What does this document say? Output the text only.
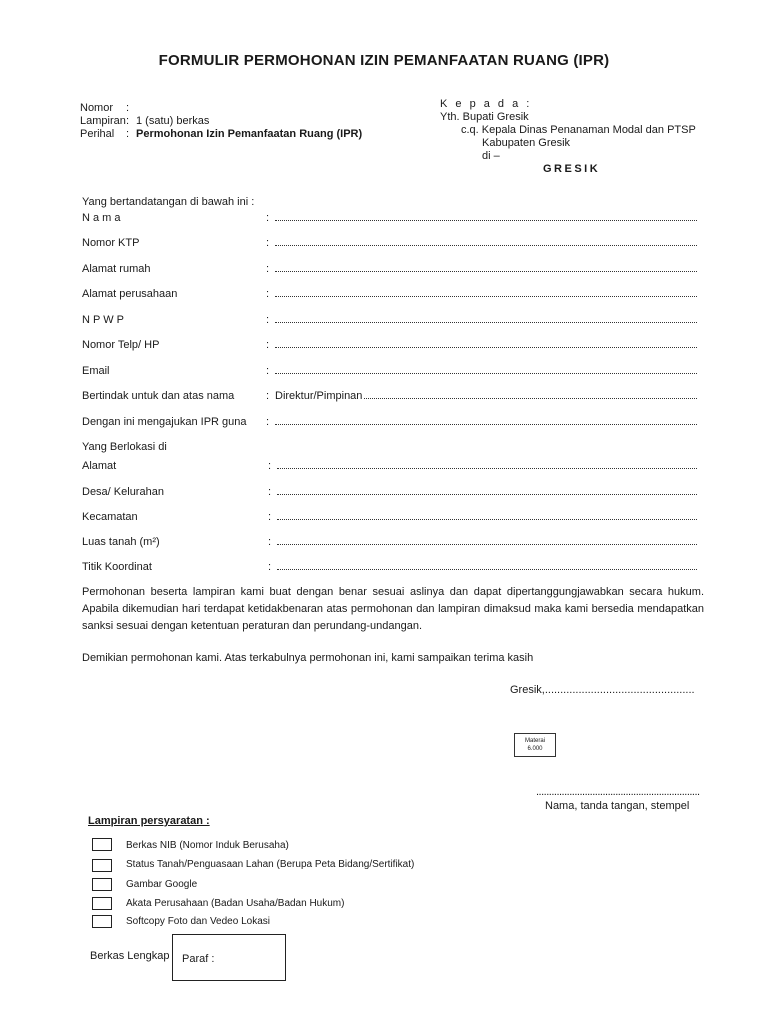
FORMULIR PERMOHONAN IZIN PEMANFAATAN RUANG (IPR)
Nomor :
Lampiran: 1 (satu) berkas
Perihal : Permohonan Izin Pemanfaatan Ruang (IPR)
K e p a d a :
Yth. Bupati Gresik
c.q. Kepala Dinas Penanaman Modal dan PTSP
Kabupaten Gresik
di –
GRESIK
Yang bertandatangan di bawah ini :
N a m a	:
Nomor KTP	:
Alamat rumah	:
Alamat perusahaan	:
N P W P	:
Nomor Telp/ HP	:
Email	:
Bertindak untuk dan atas nama	: Direktur/Pimpinan
Dengan ini mengajukan IPR guna :
Yang Berlokasi di
Alamat	:
Desa/ Kelurahan	:
Kecamatan	:
Luas tanah (m²)	:
Titik Koordinat	:
Permohonan beserta lampiran kami buat dengan benar sesuai aslinya dan dapat dipertanggungjawabkan secara hukum. Apabila dikemudian hari terdapat ketidakbenaran atas permohonan dan lampiran dimaksud maka kami bersedia mendapatkan sanksi sesuai dengan ketentuan peraturan dan perundang-undangan.
Demikian permohonan kami. Atas terkabulnya permohonan ini, kami sampaikan terima kasih
Gresik,.................................................
Materai
6.000
................................................................
Nama, tanda tangan, stempel
Lampiran persyaratan :
Berkas NIB (Nomor Induk Berusaha)
Status Tanah/Penguasaan Lahan (Berupa Peta Bidang/Sertifikat)
Gambar Google
Akata Perusahaan (Badan Usaha/Badan Hukum)
Softcopy Foto dan Vedeo Lokasi
Berkas Lengkap Paraf :
